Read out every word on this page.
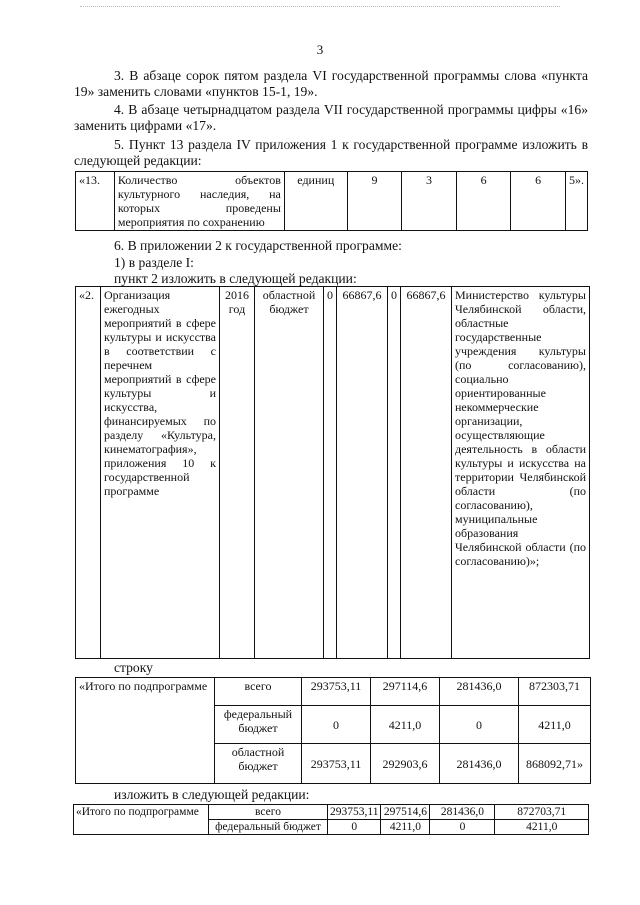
3
3. В абзаце сорок пятом раздела VI государственной программы слова «пункта 19» заменить словами «пунктов 15-1, 19».
4. В абзаце четырнадцатом раздела VII государственной программы цифры «16» заменить цифрами «17».
5. Пункт 13 раздела IV приложения 1 к государственной программе изложить в следующей редакции:
«13.	Количество объектов культурного наследия, на которых проведены мероприятия по сохранению	единиц	9	3	6	6	5».
6. В приложении 2 к государственной программе:
1) в разделе I:
пункт 2 изложить в следующей редакции:
«2.	Организация ежегодных мероприятий в сфере культуры и искусства в соответствии с перечнем мероприятий в сфере культуры и искусства, финансируемых по разделу «Культура, кинематография», приложения 10 к государственной программе	2016 год	областной бюджет	0	66867,6	0	66867,6	Министерство культуры Челябинской области, областные государственные учреждения культуры (по согласованию), социально ориентированные некоммерческие организации, осуществляющие деятельность в области культуры и искусства на территории Челябинской области (по согласованию), муниципальные образования Челябинской области (по согласованию)»;
строку
«Итого по подпрограмме	всего	293753,11	297114,6	281436,0	872303,71
	федеральный бюджет	0	4211,0	0	4211,0
	областной бюджет	293753,11	292903,6	281436,0	868092,71»
изложить в следующей редакции:
«Итого по подпрограмме	всего	293753,11	297514,6	281436,0	872703,71
	федеральный бюджет	0	4211,0	0	4211,0
